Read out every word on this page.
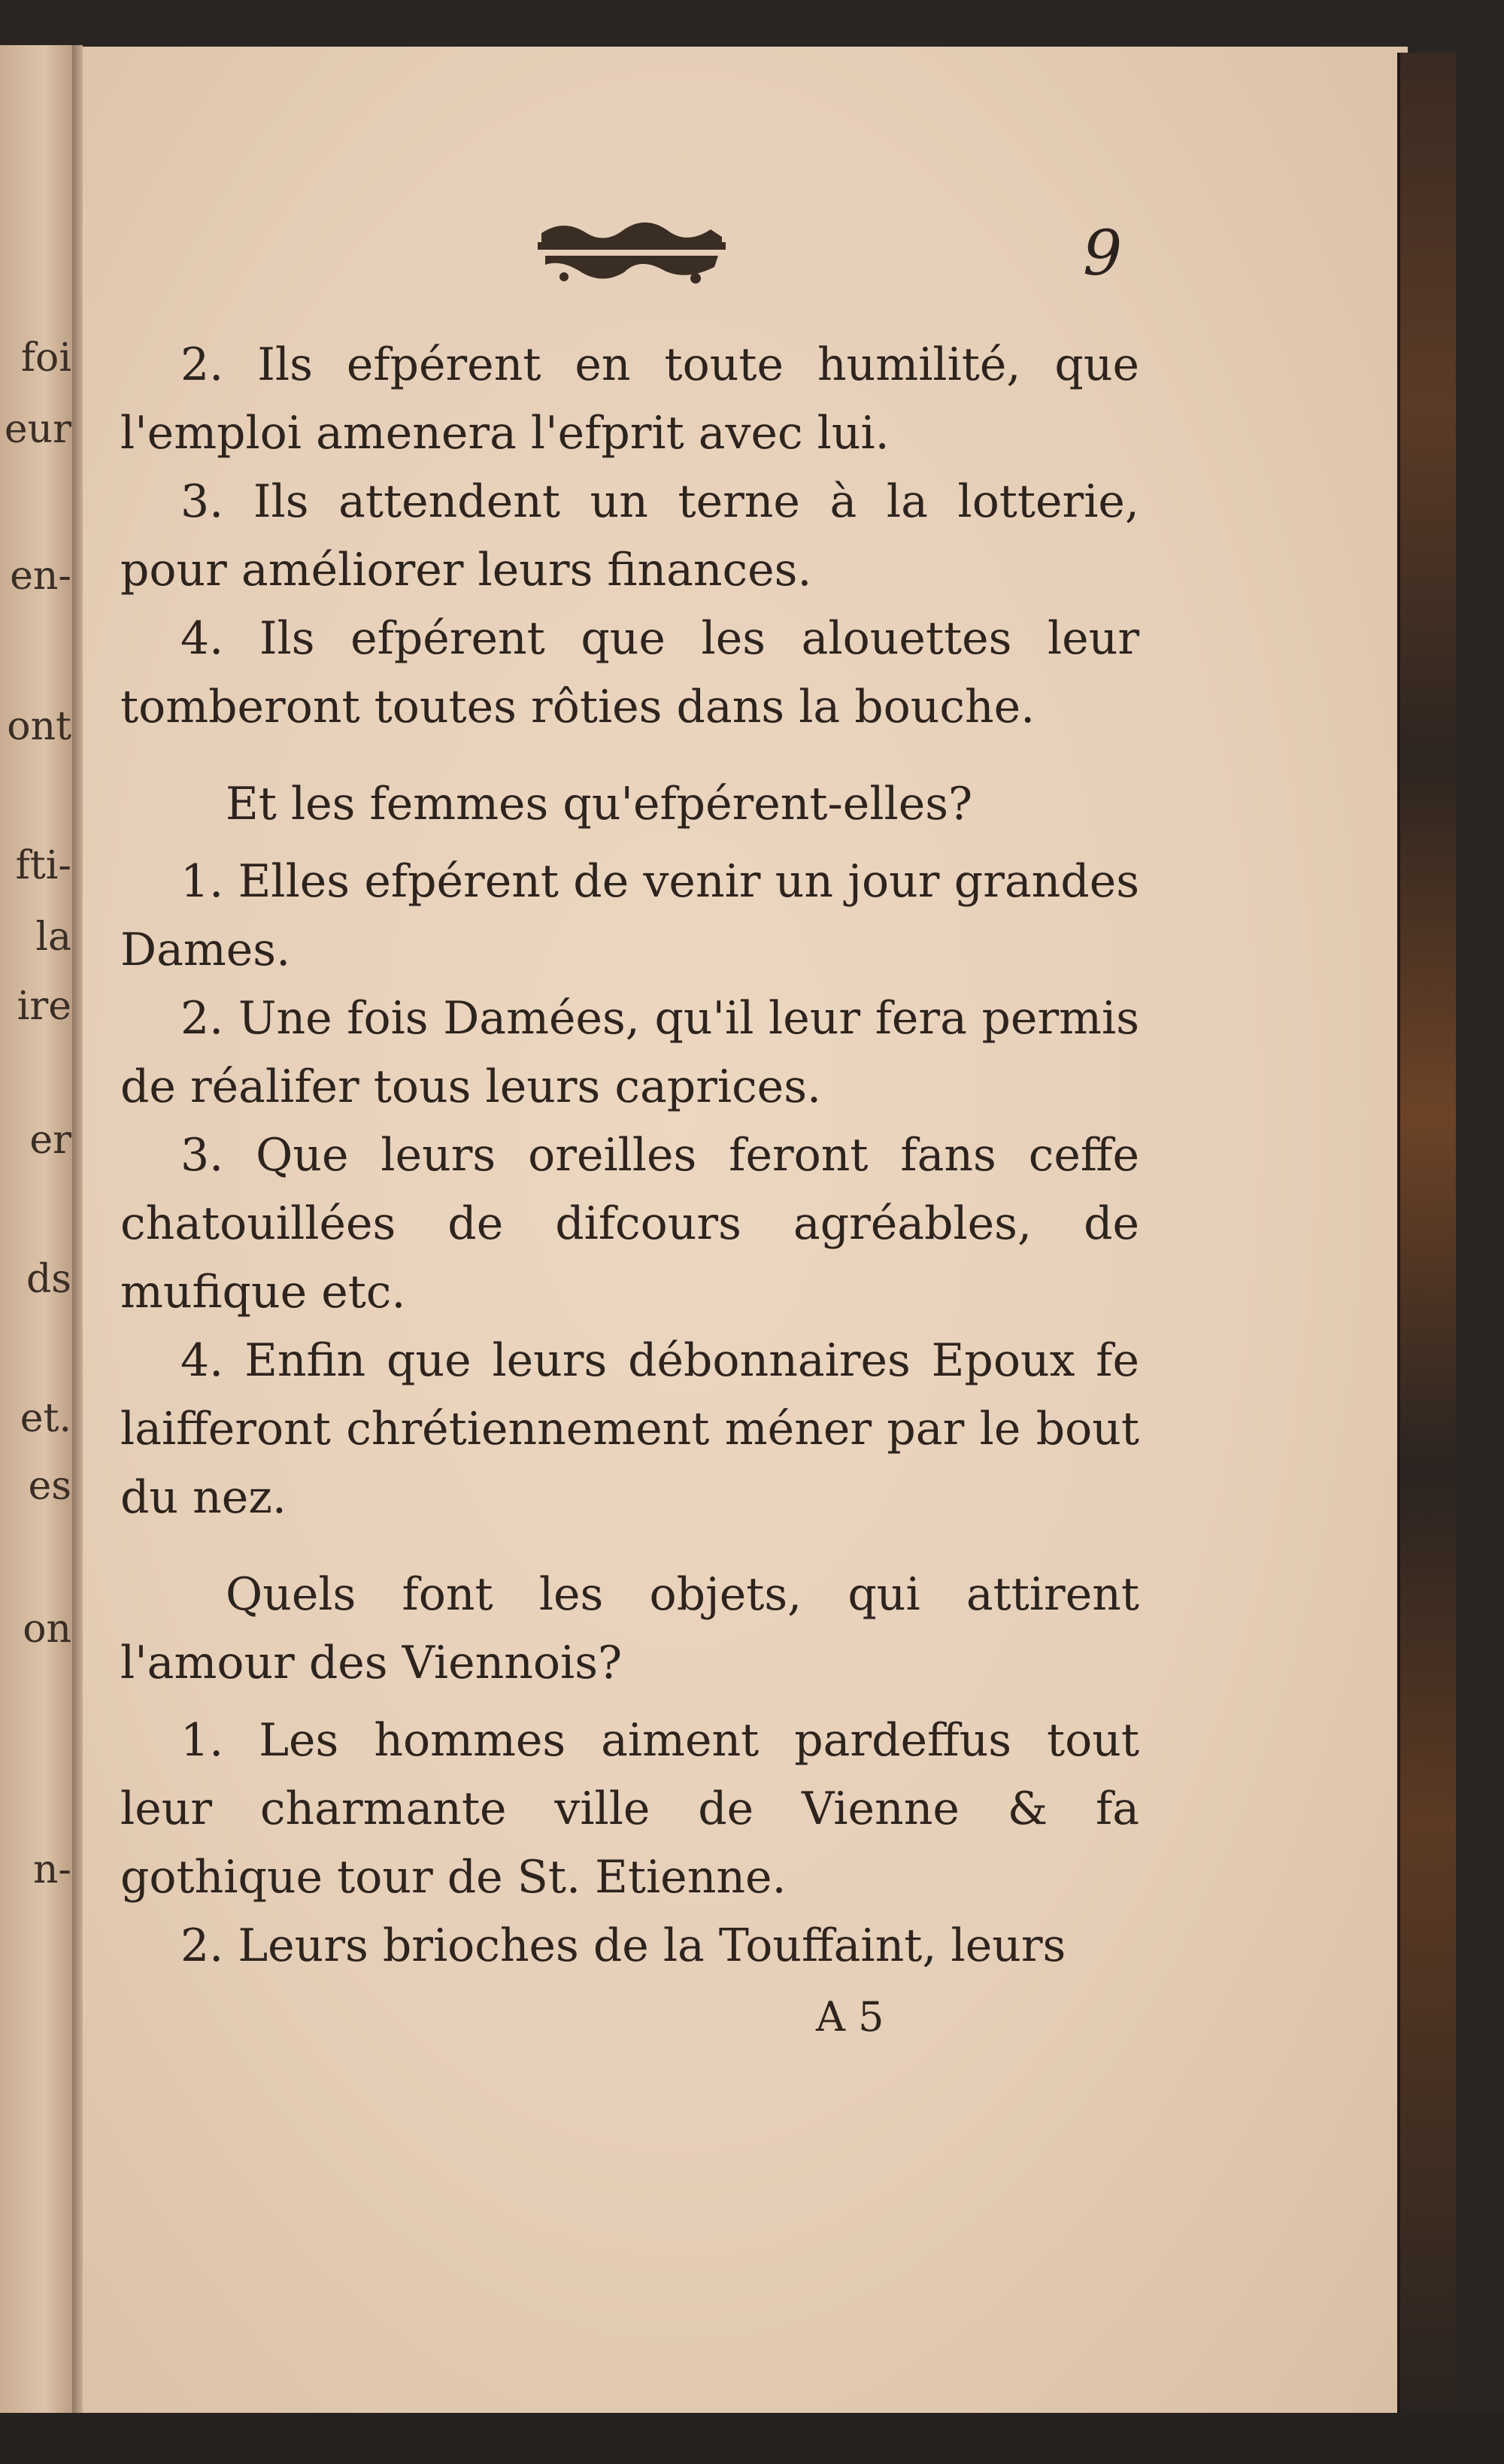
foi
eur
en-
ont
fti-
la
ire
er
ds
et.
es
on
n-
9

2. Ils efpérent en toute humilité, que l'emploi amenera l'efprit avec lui.

3. Ils attendent un terne à la lotterie, pour améliorer leurs finances.

4. Ils efpérent que les alouettes leur tomberont toutes rôties dans la bouche.

Et les femmes qu'efpérent-elles?

1. Elles efpérent de venir un jour grandes Dames.

2. Une fois Damées, qu'il leur fera permis de réalifer tous leurs caprices.

3. Que leurs oreilles feront fans ceffe chatouillées de difcours agréables, de mufique etc.

4. Enfin que leurs débonnaires Epoux fe laifferont chrétiennement méner par le bout du nez.

Quels font les objets, qui attirent l'amour des Viennois?

1. Les hommes aiment pardeffus tout leur charmante ville de Vienne & fa gothique tour de St. Etienne.

2. Leurs brioches de la Touffaint, leurs

A 5
